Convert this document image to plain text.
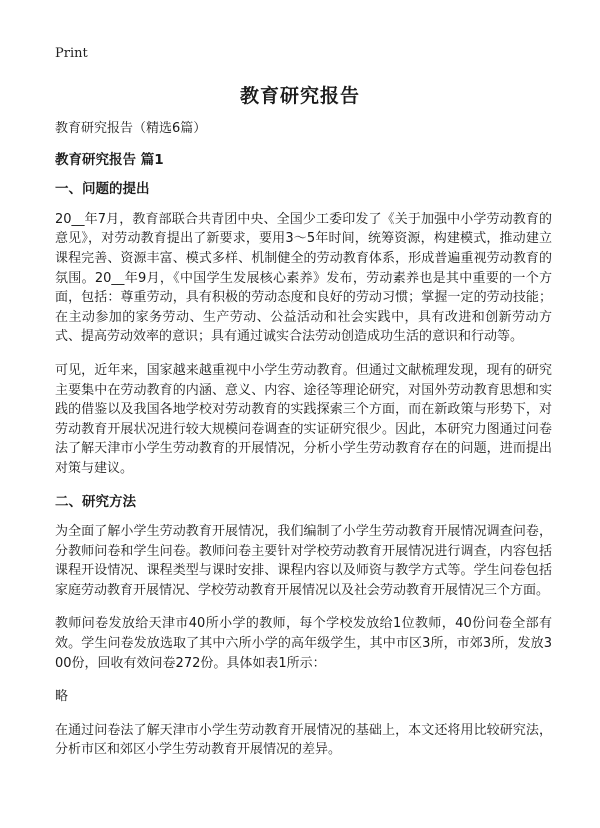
Print
教育研究报告

教育研究报告（精选6篇）

教育研究报告 篇1

一、问题的提出

20__年7月，教育部联合共青团中央、全国少工委印发了《关于加强中小学劳动教育的意见》，对劳动教育提出了新要求，要用3～5年时间，统筹资源，构建模式，推动建立课程完善、资源丰富、模式多样、机制健全的劳动教育体系，形成普遍重视劳动教育的氛围。20__年9月，《中国学生发展核心素养》发布，劳动素养也是其中重要的一个方面，包括：尊重劳动，具有积极的劳动态度和良好的劳动习惯；掌握一定的劳动技能；在主动参加的家务劳动、生产劳动、公益活动和社会实践中，具有改进和创新劳动方式、提高劳动效率的意识；具有通过诚实合法劳动创造成功生活的意识和行动等。

可见，近年来，国家越来越重视中小学生劳动教育。但通过文献梳理发现，现有的研究主要集中在劳动教育的内涵、意义、内容、途径等理论研究，对国外劳动教育思想和实践的借鉴以及我国各地学校对劳动教育的实践探索三个方面，而在新政策与形势下，对劳动教育开展状况进行较大规模问卷调查的实证研究很少。因此，本研究力图通过问卷法了解天津市小学生劳动教育的开展情况，分析小学生劳动教育存在的问题，进而提出对策与建议。

二、研究方法

为全面了解小学生劳动教育开展情况，我们编制了小学生劳动教育开展情况调查问卷，分教师问卷和学生问卷。教师问卷主要针对学校劳动教育开展情况进行调查，内容包括课程开设情况、课程类型与课时安排、课程内容以及师资与教学方式等。学生问卷包括家庭劳动教育开展情况、学校劳动教育开展情况以及社会劳动教育开展情况三个方面。

教师问卷发放给天津市40所小学的教师，每个学校发放给1位教师，40份问卷全部有效。学生问卷发放选取了其中六所小学的高年级学生，其中市区3所，市郊3所，发放300份，回收有效问卷272份。具体如表1所示：

略

在通过问卷法了解天津市小学生劳动教育开展情况的基础上，本文还将用比较研究法，分析市区和郊区小学生劳动教育开展情况的差异。
